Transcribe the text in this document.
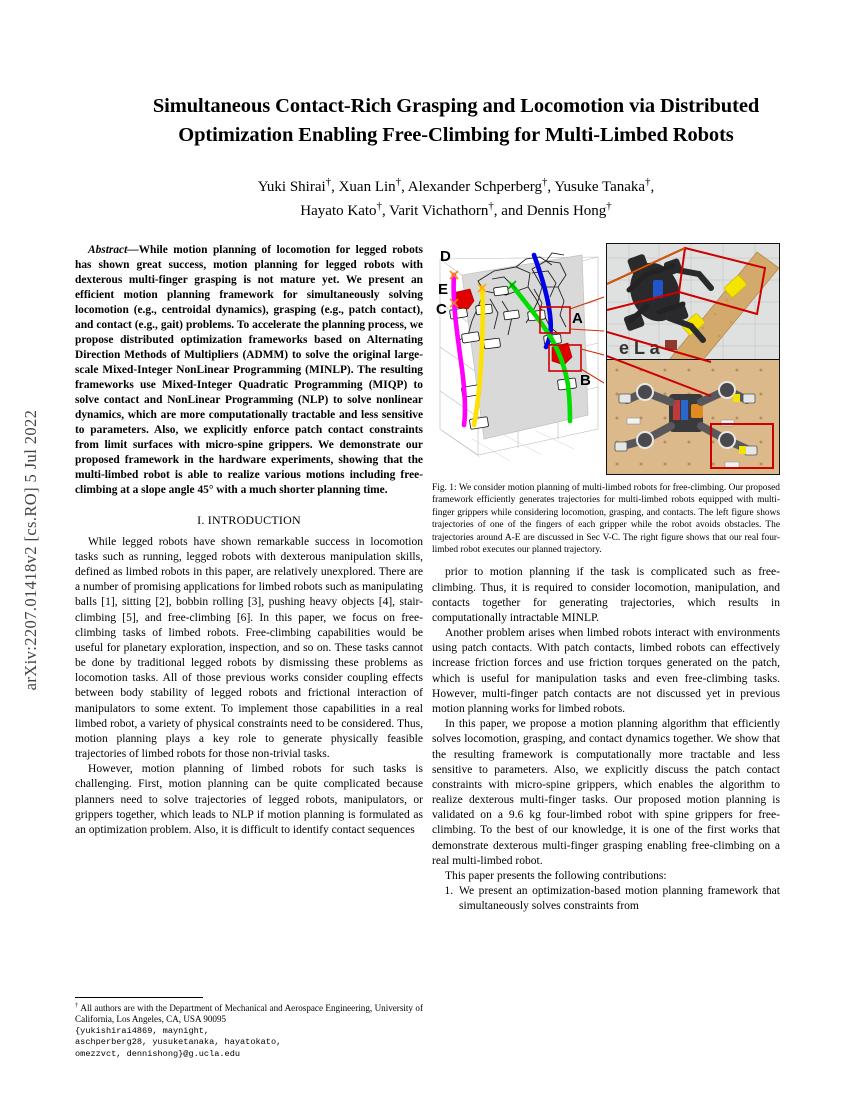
arXiv:2207.01418v2 [cs.RO] 5 Jul 2022
Simultaneous Contact-Rich Grasping and Locomotion via Distributed
Optimization Enabling Free-Climbing for Multi-Limbed Robots
Yuki Shirai†, Xuan Lin†, Alexander Schperberg†, Yusuke Tanaka†,
Hayato Kato†, Varit Vichathorn†, and Dennis Hong†

Abstract—While motion planning of locomotion for legged robots has shown great success, motion planning for legged robots with dexterous multi-finger grasping is not mature yet. We present an efficient motion planning framework for simultaneously solving locomotion (e.g., centroidal dynamics), grasping (e.g., patch contact), and contact (e.g., gait) problems. To accelerate the planning process, we propose distributed optimization frameworks based on Alternating Direction Methods of Multipliers (ADMM) to solve the original large-scale Mixed-Integer NonLinear Programming (MINLP). The resulting frameworks use Mixed-Integer Quadratic Programming (MIQP) to solve contact and NonLinear Programming (NLP) to solve nonlinear dynamics, which are more computationally tractable and less sensitive to parameters. Also, we explicitly enforce patch contact constraints from limit surfaces with micro-spine grippers. We demonstrate our proposed framework in the hardware experiments, showing that the multi-limbed robot is able to realize various motions including free-climbing at a slope angle 45° with a much shorter planning time.

I. INTRODUCTION

While legged robots have shown remarkable success in locomotion tasks such as running, legged robots with dexterous manipulation skills, defined as limbed robots in this paper, are relatively unexplored. There are a number of promising applications for limbed robots such as manipulating balls [1], sitting [2], bobbin rolling [3], pushing heavy objects [4], stair-climbing [5], and free-climbing [6]. In this paper, we focus on free-climbing tasks of limbed robots. Free-climbing capabilities would be useful for planetary exploration, inspection, and so on. These tasks cannot be done by traditional legged robots by dismissing these problems as locomotion tasks. All of those previous works consider coupling effects between body stability of legged robots and frictional interaction of manipulators to some extent. To implement those capabilities in a real limbed robot, a variety of physical constraints need to be considered. Thus, motion planning plays a key role to generate physically feasible trajectories of limbed robots for those non-trivial tasks.

However, motion planning of limbed robots for such tasks is challenging. First, motion planning can be quite complicated because planners need to solve trajectories of legged robots, manipulators, or grippers together, which leads to NLP if motion planning is formulated as an optimization problem. Also, it is difficult to identify contact sequences

D
E
C
A
B
e L a
Fig. 1: We consider motion planning of multi-limbed robots for free-climbing. Our proposed framework efficiently generates trajectories for multi-limbed robots equipped with multi-finger grippers while considering locomotion, grasping, and contacts. The left figure shows trajectories of one of the fingers of each gripper while the robot avoids obstacles. The trajectories around A-E are discussed in Sec V-C. The right figure shows that our real four-limbed robot executes our planned trajectory.

prior to motion planning if the task is complicated such as free-climbing. Thus, it is required to consider locomotion, manipulation, and contacts together for generating trajectories, which results in computationally intractable MINLP.

Another problem arises when limbed robots interact with environments using patch contacts. With patch contacts, limbed robots can effectively increase friction forces and use friction torques generated on the patch, which is useful for manipulation tasks and even free-climbing tasks. However, multi-finger patch contacts are not discussed yet in previous motion planning works for limbed robots.

In this paper, we propose a motion planning algorithm that efficiently solves locomotion, grasping, and contact dynamics together. We show that the resulting framework is computationally more tractable and less sensitive to parameters. Also, we explicitly discuss the patch contact constraints with micro-spine grippers, which enables the algorithm to realize dexterous multi-finger tasks. Our proposed motion planning is validated on a 9.6 kg four-limbed robot with spine grippers for free-climbing. To the best of our knowledge, it is one of the first works that demonstrate dexterous multi-finger grasping enabling free-climbing on a real multi-limbed robot.

This paper presents the following contributions:

1. We present an optimization-based motion planning framework that simultaneously solves constraints from

† All authors are with the Department of Mechanical and Aerospace Engineering, University of California, Los Angeles, CA, USA 90095
{yukishirai4869, maynight,
aschperberg28, yusuketanaka, hayatokato,
omezzvct, dennishong}@g.ucla.edu
